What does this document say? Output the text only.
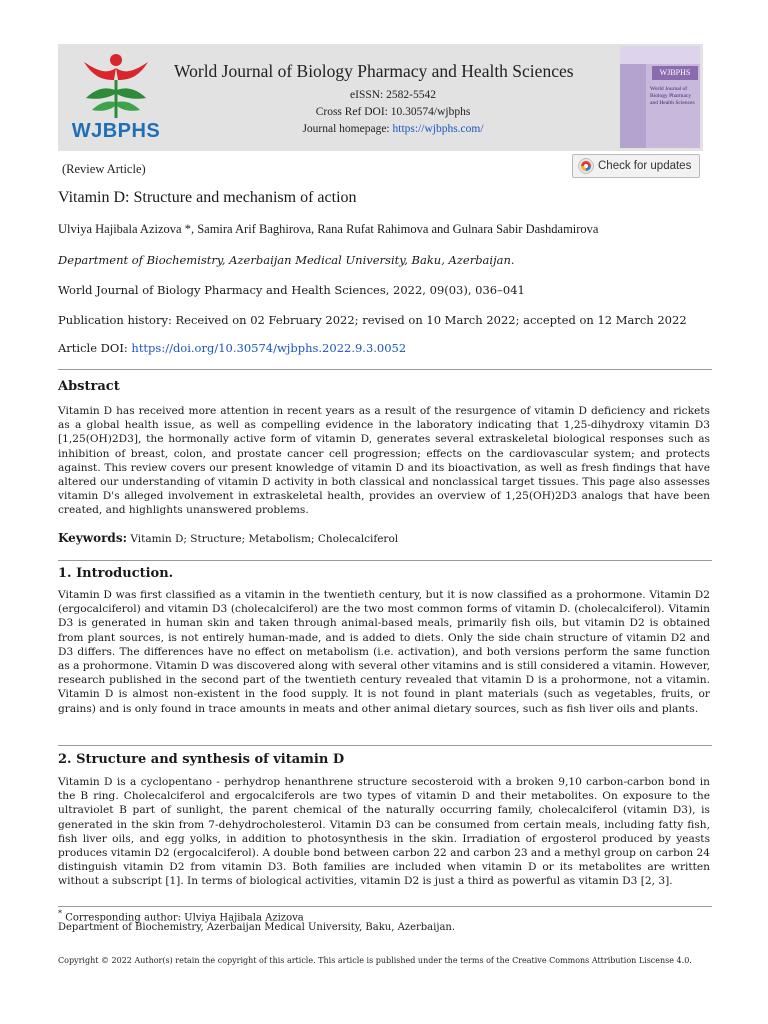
WJBPHS
World Journal of Biology Pharmacy and Health Sciences
eISSN: 2582-5542
Cross Ref DOI: 10.30574/wjbphs
Journal homepage: https://wjbphs.com/
WJBPHS
World Journal of Biology Pharmacy and Health Sciences
(Review Article)	Check for updates
Vitamin D: Structure and mechanism of action
Ulviya Hajibala Azizova *, Samira Arif Baghirova, Rana Rufat Rahimova and Gulnara Sabir Dashdamirova
Department of Biochemistry, Azerbaijan Medical University, Baku, Azerbaijan.
World Journal of Biology Pharmacy and Health Sciences, 2022, 09(03), 036–041
Publication history: Received on 02 February 2022; revised on 10 March 2022; accepted on 12 March 2022
Article DOI: https://doi.org/10.30574/wjbphs.2022.9.3.0052
Abstract

Vitamin D has received more attention in recent years as a result of the resurgence of vitamin D deficiency and rickets as a global health issue, as well as compelling evidence in the laboratory indicating that 1,25-dihydroxy vitamin D3 [1,25(OH)2D3], the hormonally active form of vitamin D, generates several extraskeletal biological responses such as inhibition of breast, colon, and prostate cancer cell progression; effects on the cardiovascular system; and protects against. This review covers our present knowledge of vitamin D and its bioactivation, as well as fresh findings that have altered our understanding of vitamin D activity in both classical and nonclassical target tissues. This page also assesses vitamin D's alleged involvement in extraskeletal health, provides an overview of 1,25(OH)2D3 analogs that have been created, and highlights unanswered problems.

Keywords: Vitamin D; Structure; Metabolism; Cholecalciferol
1. Introduction.

Vitamin D was first classified as a vitamin in the twentieth century, but it is now classified as a prohormone. Vitamin D2 (ergocalciferol) and vitamin D3 (cholecalciferol) are the two most common forms of vitamin D. (cholecalciferol). Vitamin D3 is generated in human skin and taken through animal-based meals, primarily fish oils, but vitamin D2 is obtained from plant sources, is not entirely human-made, and is added to diets. Only the side chain structure of vitamin D2 and D3 differs. The differences have no effect on metabolism (i.e. activation), and both versions perform the same function as a prohormone. Vitamin D was discovered along with several other vitamins and is still considered a vitamin. However, research published in the second part of the twentieth century revealed that vitamin D is a prohormone, not a vitamin. Vitamin D is almost non-existent in the food supply. It is not found in plant materials (such as vegetables, fruits, or grains) and is only found in trace amounts in meats and other animal dietary sources, such as fish liver oils and plants.

2. Structure and synthesis of vitamin D

Vitamin D is a cyclopentano - perhydrop henanthrene structure secosteroid with a broken 9,10 carbon-carbon bond in the B ring. Cholecalciferol and ergocalciferols are two types of vitamin D and their metabolites. On exposure to the ultraviolet B part of sunlight, the parent chemical of the naturally occurring family, cholecalciferol (vitamin D3), is generated in the skin from 7-dehydrocholesterol. Vitamin D3 can be consumed from certain meals, including fatty fish, fish liver oils, and egg yolks, in addition to photosynthesis in the skin. Irradiation of ergosterol produced by yeasts produces vitamin D2 (ergocalciferol). A double bond between carbon 22 and carbon 23 and a methyl group on carbon 24 distinguish vitamin D2 from vitamin D3. Both families are included when vitamin D or its metabolites are written without a subscript [1]. In terms of biological activities, vitamin D2 is just a third as powerful as vitamin D3 [2, 3].

* Corresponding author: Ulviya Hajibala Azizova
Department of Biochemistry, Azerbaijan Medical University, Baku, Azerbaijan.
Copyright © 2022 Author(s) retain the copyright of this article. This article is published under the terms of the Creative Commons Attribution Liscense 4.0.
